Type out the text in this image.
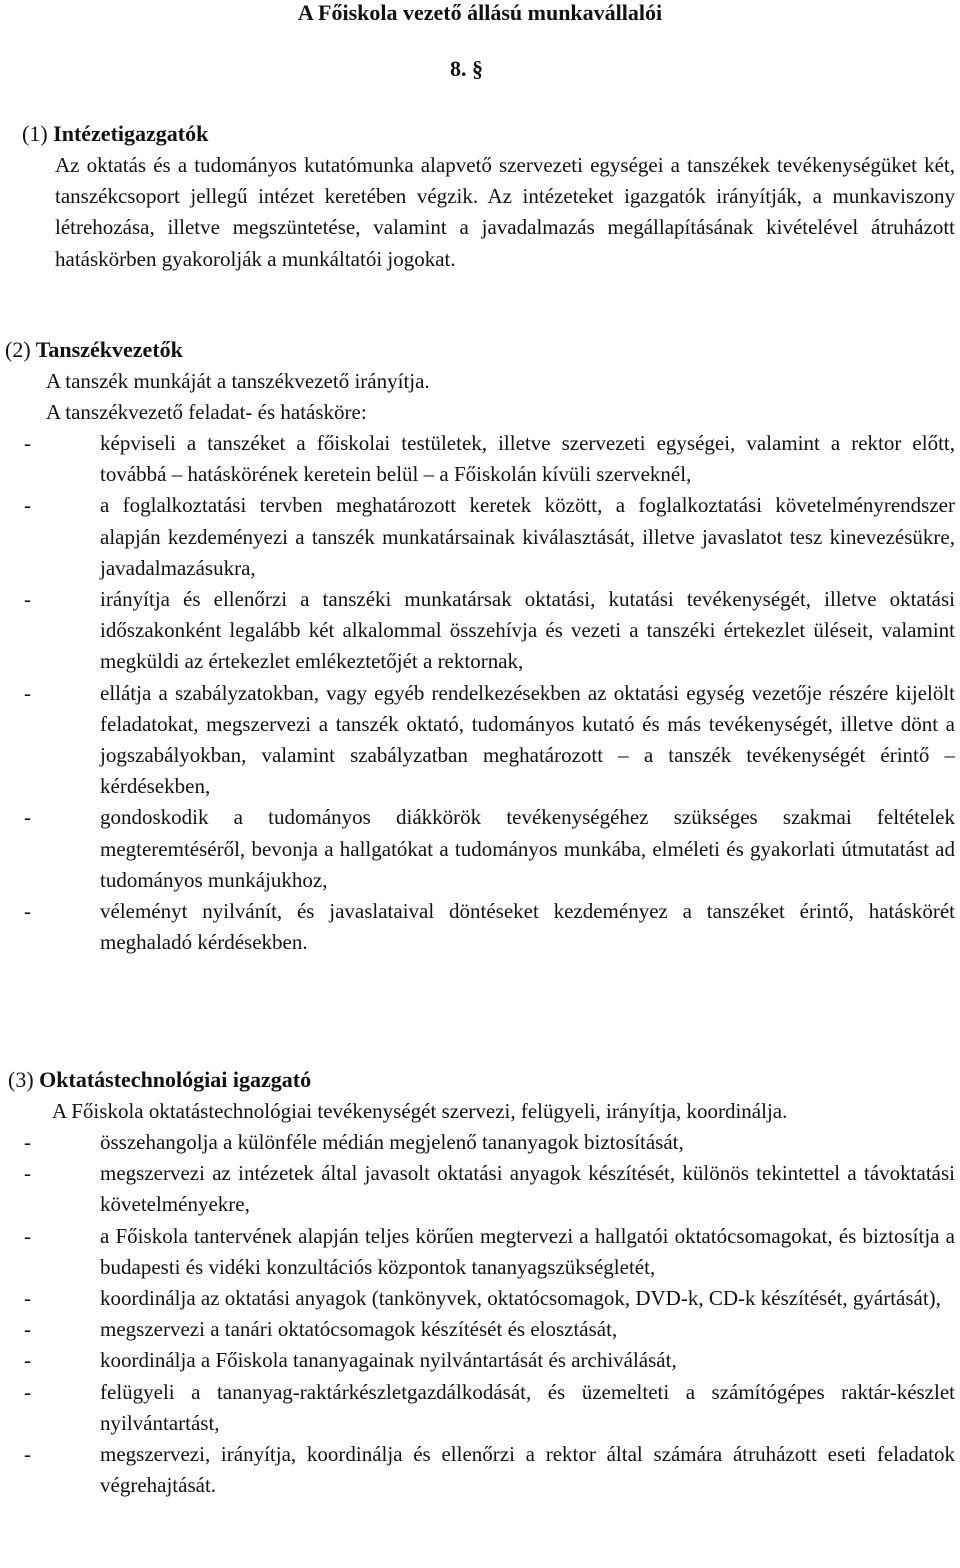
A Főiskola vezető állású munkavállalói
8. §
(1) Intézetigazgatók
Az oktatás és a tudományos kutatómunka alapvető szervezeti egységei a tanszékek tevékenységüket két, tanszékcsoport jellegű intézet keretében végzik. Az intézeteket igazgatók irányítják, a munkaviszony létrehozása, illetve megszüntetése, valamint a javadalmazás megállapításának kivételével átruházott hatáskörben gyakorolják a munkáltatói jogokat.
(2) Tanszékvezetők
A tanszék munkáját a tanszékvezető irányítja.
A tanszékvezető feladat- és hatásköre:
-	képviseli a tanszéket a főiskolai testületek, illetve szervezeti egységei, valamint a rektor előtt, továbbá – hatáskörének keretein belül – a Főiskolán kívüli szerveknél,
-	a foglalkoztatási tervben meghatározott keretek között, a foglalkoztatási követelményrendszer alapján kezdeményezi a tanszék munkatársainak kiválasztását, illetve javaslatot tesz kinevezésükre, javadalmazásukra,
-	irányítja és ellenőrzi a tanszéki munkatársak oktatási, kutatási tevékenységét, illetve oktatási időszakonként legalább két alkalommal összehívja és vezeti a tanszéki értekezlet üléseit, valamint megküldi az értekezlet emlékeztetőjét a rektornak,
-	ellátja a szabályzatokban, vagy egyéb rendelkezésekben az oktatási egység vezetője részére kijelölt feladatokat, megszervezi a tanszék oktató, tudományos kutató és más tevékenységét, illetve dönt a jogszabályokban, valamint szabályzatban meghatározott – a tanszék tevékenységét érintő – kérdésekben,
-	gondoskodik a tudományos diákkörök tevékenységéhez szükséges szakmai feltételek megteremtéséről, bevonja a hallgatókat a tudományos munkába, elméleti és gyakorlati útmutatást ad tudományos munkájukhoz,
-	véleményt nyilvánít, és javaslataival döntéseket kezdeményez a tanszéket érintő, hatáskörét meghaladó kérdésekben.
(3) Oktatástechnológiai igazgató
A Főiskola oktatástechnológiai tevékenységét szervezi, felügyeli, irányítja, koordinálja.
-	összehangolja a különféle médián megjelenő tananyagok biztosítását,
-	megszervezi az intézetek által javasolt oktatási anyagok készítését, különös tekintettel a távoktatási követelményekre,
-	a Főiskola tantervének alapján teljes körűen megtervezi a hallgatói oktatócsomagokat, és biztosítja a budapesti és vidéki konzultációs központok tananyagszükségletét,
-	koordinálja az oktatási anyagok (tankönyvek, oktatócsomagok, DVD-k, CD-k készítését, gyártását),
-	megszervezi a tanári oktatócsomagok készítését és elosztását,
-	koordinálja a Főiskola tananyagainak nyilvántartását és archiválását,
-	felügyeli a tananyag-raktárkészletgazdálkodását, és üzemelteti a számítógépes raktár-készlet nyilvántartást,
-	megszervezi, irányítja, koordinálja és ellenőrzi a rektor által számára átruházott eseti feladatok végrehajtását.
